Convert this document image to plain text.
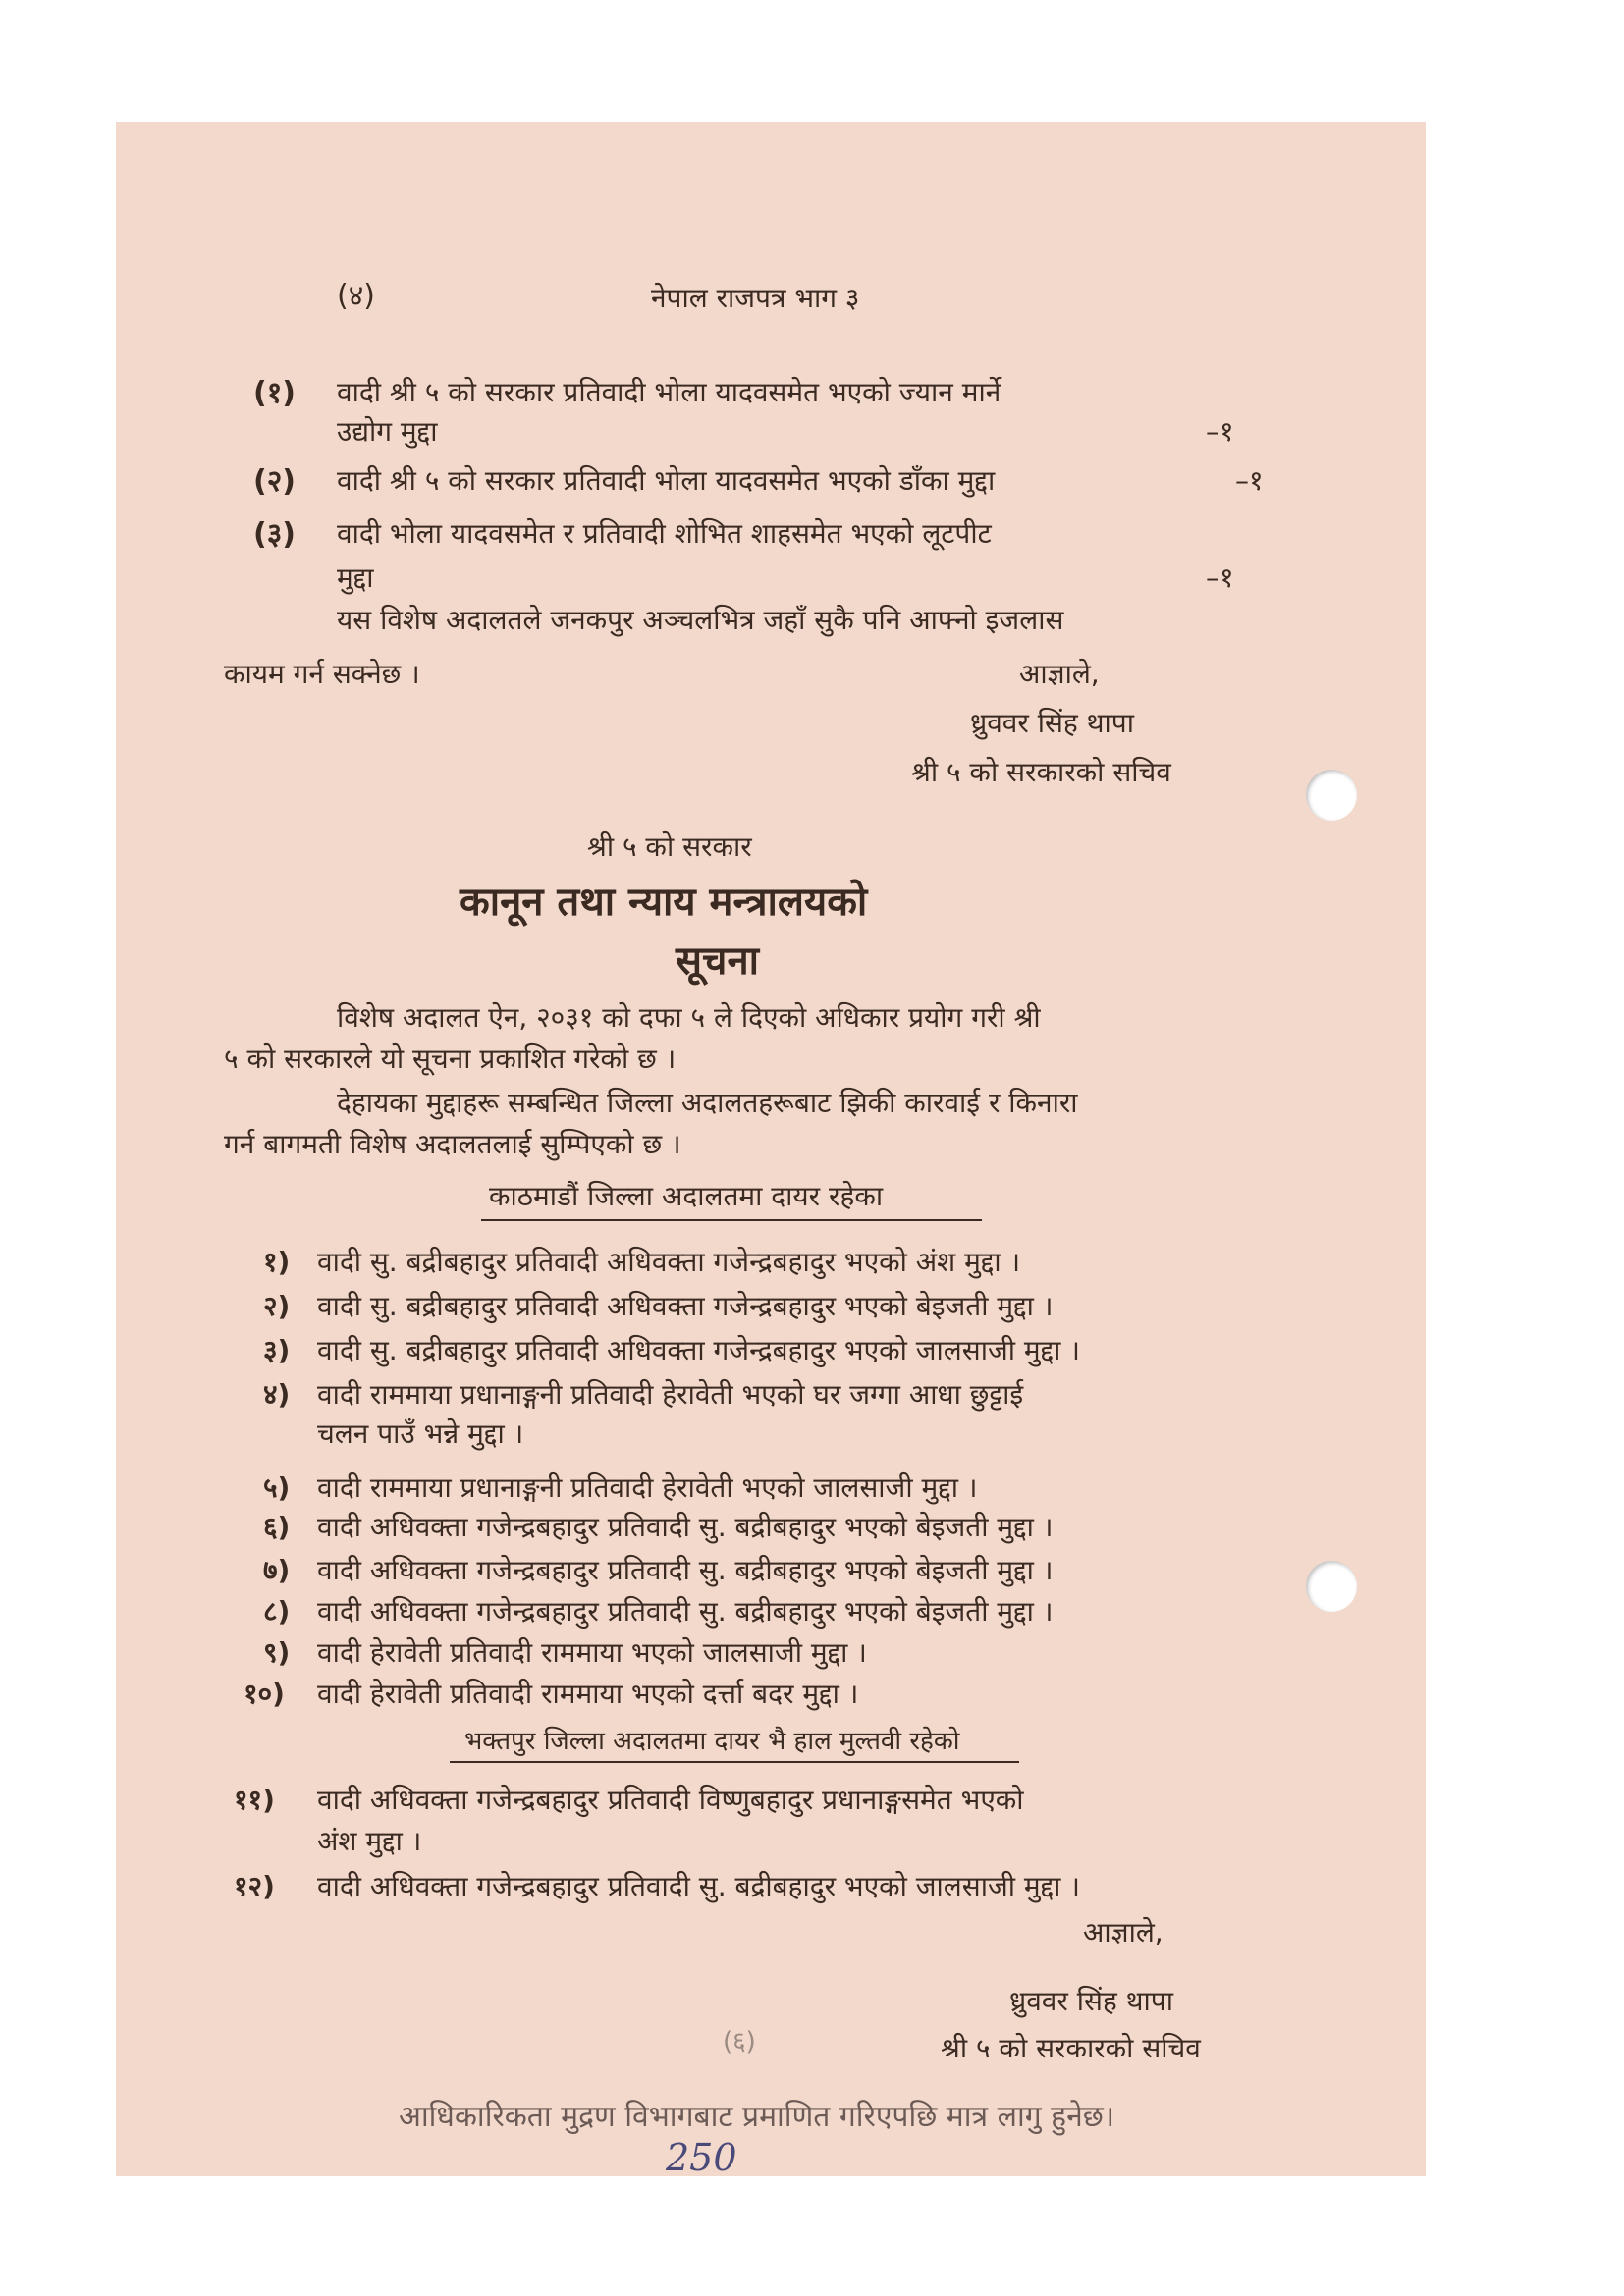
(४)	नेपाल राजपत्र भाग ३
(१) वादी श्री ५ को सरकार प्रतिवादी भोला यादवसमेत भएको ज्यान मार्ने
उद्योग मुद्दा	–१
(२) वादी श्री ५ को सरकार प्रतिवादी भोला यादवसमेत भएको डाँका मुद्दा	–१
(३) वादी भोला यादवसमेत र प्रतिवादी शोभित शाहसमेत भएको लूटपीट
मुद्दा	–१
यस विशेष अदालतले जनकपुर अञ्चलभित्र जहाँ सुकै पनि आफ्नो इजलास
कायम गर्न सक्नेछ ।	आज्ञाले,
ध्रुववर सिंह थापा
श्री ५ को सरकारको सचिव
श्री ५ को सरकार
कानून तथा न्याय मन्त्रालयको
सूचना
विशेष अदालत ऐन, २०३१ को दफा ५ ले दिएको अधिकार प्रयोग गरी श्री
५ को सरकारले यो सूचना प्रकाशित गरेको छ ।
देहायका मुद्दाहरू सम्बन्धित जिल्ला अदालतहरूबाट झिकी कारवाई र किनारा
गर्न बागमती विशेष अदालतलाई सुम्पिएको छ ।
काठमाडौं जिल्ला अदालतमा दायर रहेका
१) वादी सु. बद्रीबहादुर प्रतिवादी अधिवक्ता गजेन्द्रबहादुर भएको अंश मुद्दा ।
२) वादी सु. बद्रीबहादुर प्रतिवादी अधिवक्ता गजेन्द्रबहादुर भएको बेइजती मुद्दा ।
३) वादी सु. बद्रीबहादुर प्रतिवादी अधिवक्ता गजेन्द्रबहादुर भएको जालसाजी मुद्दा ।
४) वादी राममाया प्रधानाङ्गनी प्रतिवादी हेरावेती भएको घर जग्गा आधा छुट्टाई
चलन पाउँ भन्ने मुद्दा ।
५) वादी राममाया प्रधानाङ्गनी प्रतिवादी हेरावेती भएको जालसाजी मुद्दा ।
६) वादी अधिवक्ता गजेन्द्रबहादुर प्रतिवादी सु. बद्रीबहादुर भएको बेइजती मुद्दा ।
७) वादी अधिवक्ता गजेन्द्रबहादुर प्रतिवादी सु. बद्रीबहादुर भएको बेइजती मुद्दा ।
८) वादी अधिवक्ता गजेन्द्रबहादुर प्रतिवादी सु. बद्रीबहादुर भएको बेइजती मुद्दा ।
९) वादी हेरावेती प्रतिवादी राममाया भएको जालसाजी मुद्दा ।
१०) वादी हेरावेती प्रतिवादी राममाया भएको दर्त्ता बदर मुद्दा ।
भक्तपुर जिल्ला अदालतमा दायर भै हाल मुल्तवी रहेको
११) वादी अधिवक्ता गजेन्द्रबहादुर प्रतिवादी विष्णुबहादुर प्रधानाङ्गसमेत भएको
अंश मुद्दा ।
१२) वादी अधिवक्ता गजेन्द्रबहादुर प्रतिवादी सु. बद्रीबहादुर भएको जालसाजी मुद्दा ।
आज्ञाले,
ध्रुववर सिंह थापा
श्री ५ को सरकारको सचिव
(६)
आधिकारिकता मुद्रण विभागबाट प्रमाणित गरिएपछि मात्र लागु हुनेछ।
250
